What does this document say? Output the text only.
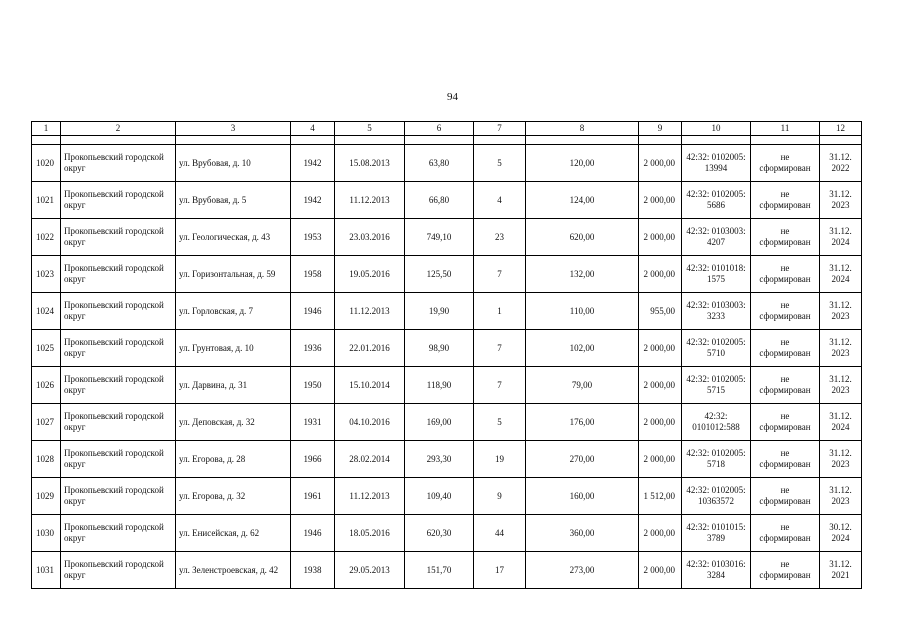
94
1	2	3	4	5	6	7	8	9	10	11	12

1020	Прокопьевский городской округ	ул. Врубовая, д. 10	1942	15.08.2013	63,80	5	120,00	2 000,00	42:32: 0102005: 13994	не сформирован	31.12. 2022
1021	Прокопьевский городской округ	ул. Врубовая, д. 5	1942	11.12.2013	66,80	4	124,00	2 000,00	42:32: 0102005: 5686	не сформирован	31.12. 2023
1022	Прокопьевский городской округ	ул. Геологическая, д. 43	1953	23.03.2016	749,10	23	620,00	2 000,00	42:32: 0103003: 4207	не сформирован	31.12. 2024
1023	Прокопьевский городской округ	ул. Горизонтальная, д. 59	1958	19.05.2016	125,50	7	132,00	2 000,00	42:32: 0101018: 1575	не сформирован	31.12. 2024
1024	Прокопьевский городской округ	ул. Горловская, д. 7	1946	11.12.2013	19,90	1	110,00	955,00	42:32: 0103003: 3233	не сформирован	31.12. 2023
1025	Прокопьевский городской округ	ул. Грунтовая, д. 10	1936	22.01.2016	98,90	7	102,00	2 000,00	42:32: 0102005: 5710	не сформирован	31.12. 2023
1026	Прокопьевский городской округ	ул. Дарвина, д. 31	1950	15.10.2014	118,90	7	79,00	2 000,00	42:32: 0102005: 5715	не сформирован	31.12. 2023
1027	Прокопьевский городской округ	ул. Деповская, д. 32	1931	04.10.2016	169,00	5	176,00	2 000,00	42:32: 0101012:588	не сформирован	31.12. 2024
1028	Прокопьевский городской округ	ул. Егорова, д. 28	1966	28.02.2014	293,30	19	270,00	2 000,00	42:32: 0102005: 5718	не сформирован	31.12. 2023
1029	Прокопьевский городской округ	ул. Егорова, д. 32	1961	11.12.2013	109,40	9	160,00	1 512,00	42:32: 0102005: 10363572	не сформирован	31.12. 2023
1030	Прокопьевский городской округ	ул. Енисейская, д. 62	1946	18.05.2016	620,30	44	360,00	2 000,00	42:32: 0101015: 3789	не сформирован	30.12. 2024
1031	Прокопьевский городской округ	ул. Зеленстроевская, д. 42	1938	29.05.2013	151,70	17	273,00	2 000,00	42:32: 0103016: 3284	не сформирован	31.12. 2021
